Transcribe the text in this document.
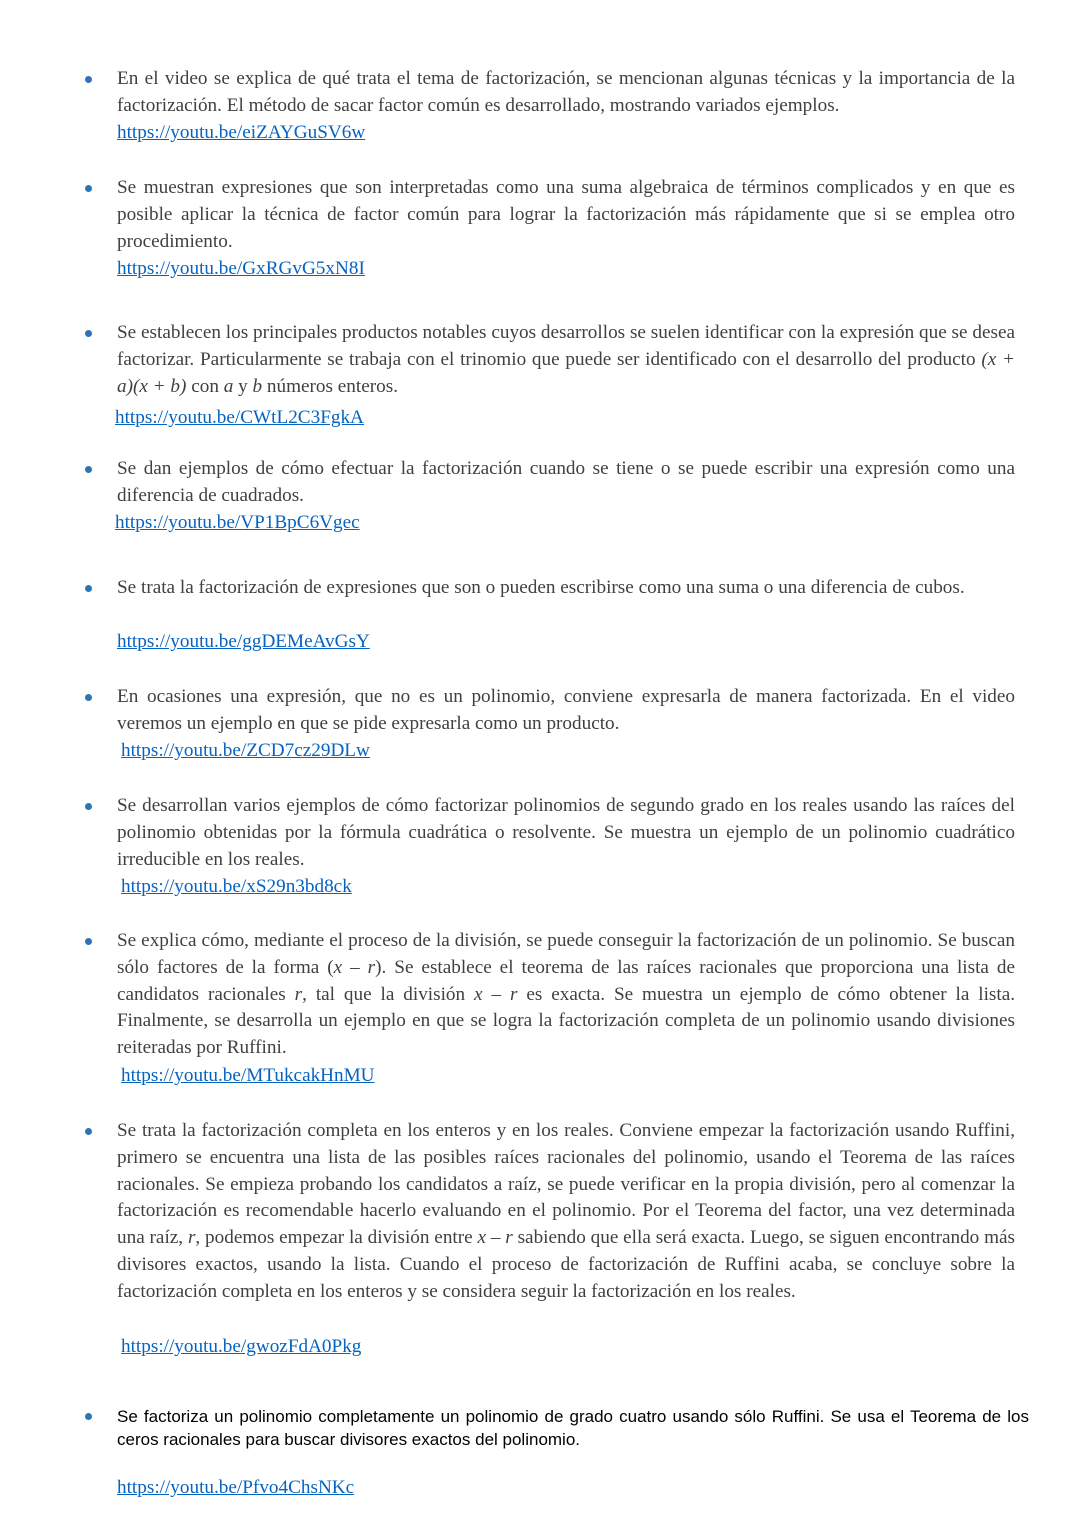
En el video se explica de qué trata el tema de factorización, se mencionan algunas técnicas y la importancia de la factorización. El método de sacar factor común es desarrollado, mostrando variados ejemplos.
https://youtu.be/eiZAYGuSV6w
Se muestran expresiones que son interpretadas como una suma algebraica de términos complicados y en que es posible aplicar la técnica de factor común para lograr la factorización más rápidamente que si se emplea otro procedimiento.
https://youtu.be/GxRGvG5xN8I
Se establecen los principales productos notables cuyos desarrollos se suelen identificar con la expresión que se desea factorizar. Particularmente se trabaja con el trinomio que puede ser identificado con el desarrollo del producto (x + a)(x + b) con a y b números enteros.
https://youtu.be/CWtL2C3FgkA
Se dan ejemplos de cómo efectuar la factorización cuando se tiene o se puede escribir una expresión como una diferencia de cuadrados.
https://youtu.be/VP1BpC6Vgec
Se trata la factorización de expresiones que son o pueden escribirse como una suma o una diferencia de cubos.
https://youtu.be/ggDEMeAvGsY
En ocasiones una expresión, que no es un polinomio, conviene expresarla de manera factorizada. En el video veremos un ejemplo en que se pide expresarla como un producto.
https://youtu.be/ZCD7cz29DLw
Se desarrollan varios ejemplos de cómo factorizar polinomios de segundo grado en los reales usando las raíces del polinomio obtenidas por la fórmula cuadrática o resolvente. Se muestra un ejemplo de un polinomio cuadrático irreducible en los reales.
https://youtu.be/xS29n3bd8ck
Se explica cómo, mediante el proceso de la división, se puede conseguir la factorización de un polinomio. Se buscan sólo factores de la forma (x – r). Se establece el teorema de las raíces racionales que proporciona una lista de candidatos racionales r, tal que la división x – r es exacta. Se muestra un ejemplo de cómo obtener la lista. Finalmente, se desarrolla un ejemplo en que se logra la factorización completa de un polinomio usando divisiones reiteradas por Ruffini.
https://youtu.be/MTukcakHnMU
Se trata la factorización completa en los enteros y en los reales. Conviene empezar la factorización usando Ruffini, primero se encuentra una lista de las posibles raíces racionales del polinomio, usando el Teorema de las raíces racionales. Se empieza probando los candidatos a raíz, se puede verificar en la propia división, pero al comenzar la factorización es recomendable hacerlo evaluando en el polinomio. Por el Teorema del factor, una vez determinada una raíz, r, podemos empezar la división entre x – r sabiendo que ella será exacta. Luego, se siguen encontrando más divisores exactos, usando la lista. Cuando el proceso de factorización de Ruffini acaba, se concluye sobre la factorización completa en los enteros y se considera seguir la factorización en los reales.
https://youtu.be/gwozFdA0Pkg
Se factoriza un polinomio completamente un polinomio de grado cuatro usando sólo Ruffini. Se usa el Teorema de los ceros racionales para buscar divisores exactos del polinomio.
https://youtu.be/Pfvo4ChsNKc
